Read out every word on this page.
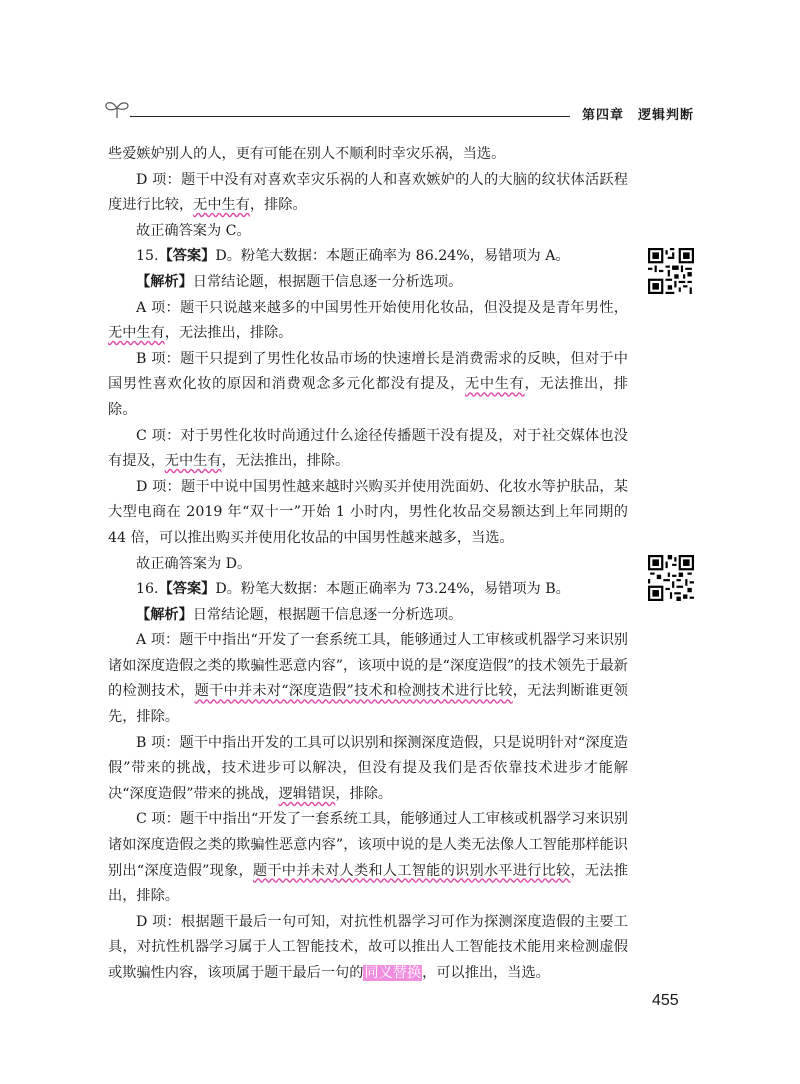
第四章 逻辑判断

些爱嫉妒别人的人，更有可能在别人不顺利时幸灾乐祸，当选。

D 项：题干中没有对喜欢幸灾乐祸的人和喜欢嫉妒的人的大脑的纹状体活跃程度进行比较，无中生有，排除。

故正确答案为 C。

15.【答案】D。粉笔大数据：本题正确率为 86.24%，易错项为 A。

【解析】日常结论题，根据题干信息逐一分析选项。

A 项：题干只说越来越多的中国男性开始使用化妆品，但没提及是青年男性，无中生有，无法推出，排除。

B 项：题干只提到了男性化妆品市场的快速增长是消费需求的反映，但对于中国男性喜欢化妆的原因和消费观念多元化都没有提及，无中生有，无法推出，排除。

C 项：对于男性化妆时尚通过什么途径传播题干没有提及，对于社交媒体也没有提及，无中生有，无法推出，排除。

D 项：题干中说中国男性越来越时兴购买并使用洗面奶、化妆水等护肤品，某大型电商在 2019 年“双十一”开始 1 小时内，男性化妆品交易额达到上年同期的 44 倍，可以推出购买并使用化妆品的中国男性越来越多，当选。

故正确答案为 D。

16.【答案】D。粉笔大数据：本题正确率为 73.24%，易错项为 B。

【解析】日常结论题，根据题干信息逐一分析选项。

A 项：题干中指出“开发了一套系统工具，能够通过人工审核或机器学习来识别诸如深度造假之类的欺骗性恶意内容”，该项中说的是“深度造假”的技术领先于最新的检测技术，题干中并未对“深度造假”技术和检测技术进行比较，无法判断谁更领先，排除。

B 项：题干中指出开发的工具可以识别和探测深度造假，只是说明针对“深度造假”带来的挑战，技术进步可以解决，但没有提及我们是否依靠技术进步才能解决“深度造假”带来的挑战，逻辑错误，排除。

C 项：题干中指出“开发了一套系统工具，能够通过人工审核或机器学习来识别诸如深度造假之类的欺骗性恶意内容”，该项中说的是人类无法像人工智能那样能识别出“深度造假”现象，题干中并未对人类和人工智能的识别水平进行比较，无法推出，排除。

D 项：根据题干最后一句可知，对抗性机器学习可作为探测深度造假的主要工具，对抗性机器学习属于人工智能技术，故可以推出人工智能技术能用来检测虚假或欺骗性内容，该项属于题干最后一句的同义替换，可以推出，当选。

455
